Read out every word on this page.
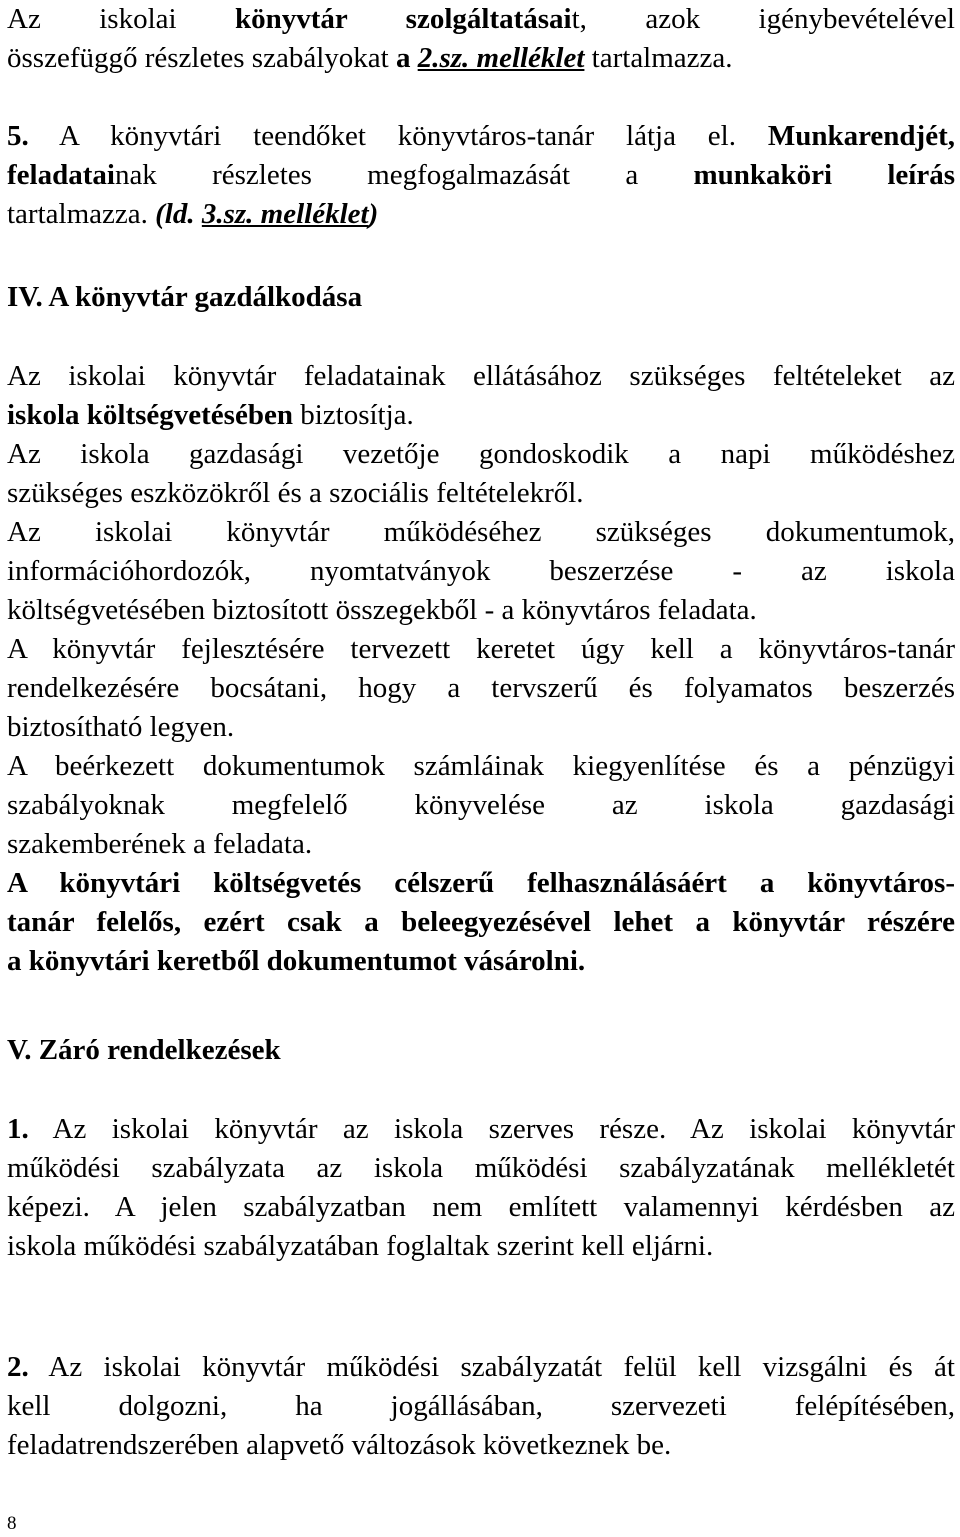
Az iskolai könyvtár szolgáltatásait, azok igénybevételével
összefüggő részletes szabályokat a 2.sz. melléklet tartalmazza.
5. A könyvtári teendőket könyvtáros-tanár látja el. Munkarendjét,
feladatainak részletes megfogalmazását a munkaköri leírás
tartalmazza. (ld. 3.sz. melléklet)
IV. A könyvtár gazdálkodása
Az iskolai könyvtár feladatainak ellátásához szükséges feltételeket az
iskola költségvetésében biztosítja.
Az iskola gazdasági vezetője gondoskodik a napi működéshez
szükséges eszközökről és a szociális feltételekről.
Az iskolai könyvtár működéséhez szükséges dokumentumok,
információhordozók, nyomtatványok beszerzése - az iskola
költségvetésében biztosított összegekből - a könyvtáros feladata.
A könyvtár fejlesztésére tervezett keretet úgy kell a könyvtáros-tanár
rendelkezésére bocsátani, hogy a tervszerű és folyamatos beszerzés
biztosítható legyen.
A beérkezett dokumentumok számláinak kiegyenlítése és a pénzügyi
szabályoknak megfelelő könyvelése az iskola gazdasági
szakemberének a feladata.
A könyvtári költségvetés célszerű felhasználásáért a könyvtáros-
tanár felelős, ezért csak a beleegyezésével lehet a könyvtár részére
a könyvtári keretből dokumentumot vásárolni.
V. Záró rendelkezések
1. Az iskolai könyvtár az iskola szerves része. Az iskolai könyvtár
működési szabályzata az iskola működési szabályzatának mellékletét
képezi. A jelen szabályzatban nem említett valamennyi kérdésben az
iskola működési szabályzatában foglaltak szerint kell eljárni.
2. Az iskolai könyvtár működési szabályzatát felül kell vizsgálni és át
kell dolgozni, ha jogállásában, szervezeti felépítésében,
feladatrendszerében alapvető változások következnek be.
8
